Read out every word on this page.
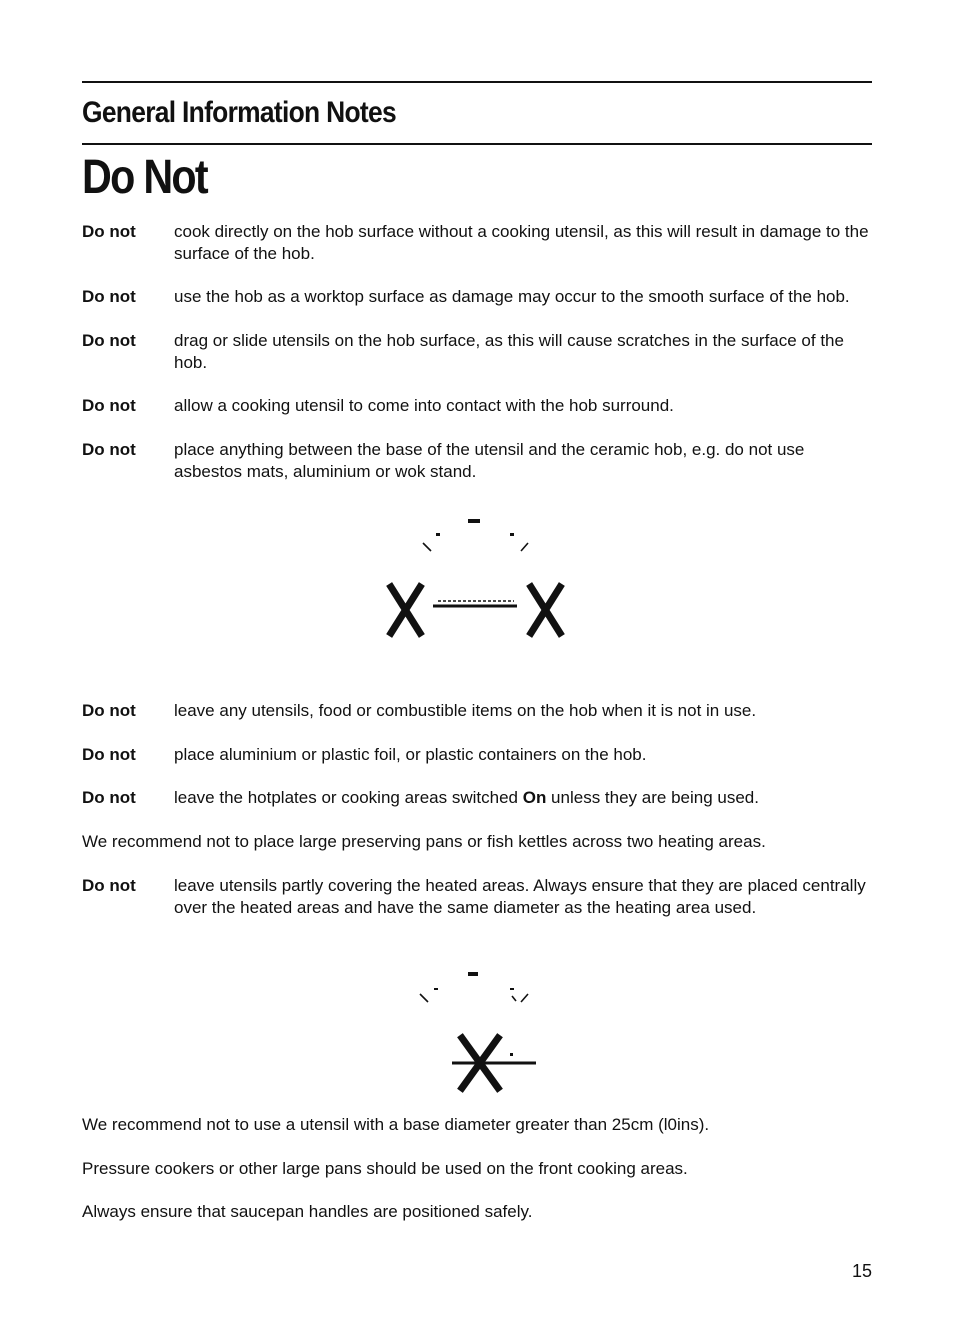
General Information Notes
Do Not
Do not cook directly on the hob surface without a cooking utensil, as this will result in damage to the surface of the hob.
Do not use the hob as a worktop surface as damage may occur to the smooth surface of the hob.
Do not drag or slide utensils on the hob surface, as this will cause scratches in the surface of the hob.
Do not allow a cooking utensil to come into contact with the hob surround.
Do not place anything between the base of the utensil and the ceramic hob, e.g. do not use asbestos mats, aluminium or wok stand.
Do not leave any utensils, food or combustible items on the hob when it is not in use.
Do not place aluminium or plastic foil, or plastic containers on the hob.
Do not leave the hotplates or cooking areas switched On unless they are being used.
We recommend not to place large preserving pans or fish kettles across two heating areas.
Do not leave utensils partly covering the heated areas. Always ensure that they are placed centrally over the heated areas and have the same diameter as the heating area used.
We recommend not to use a utensil with a base diameter greater than 25cm (l0ins).
Pressure cookers or other large pans should be used on the front cooking areas.
Always ensure that saucepan handles are positioned safely.
15
